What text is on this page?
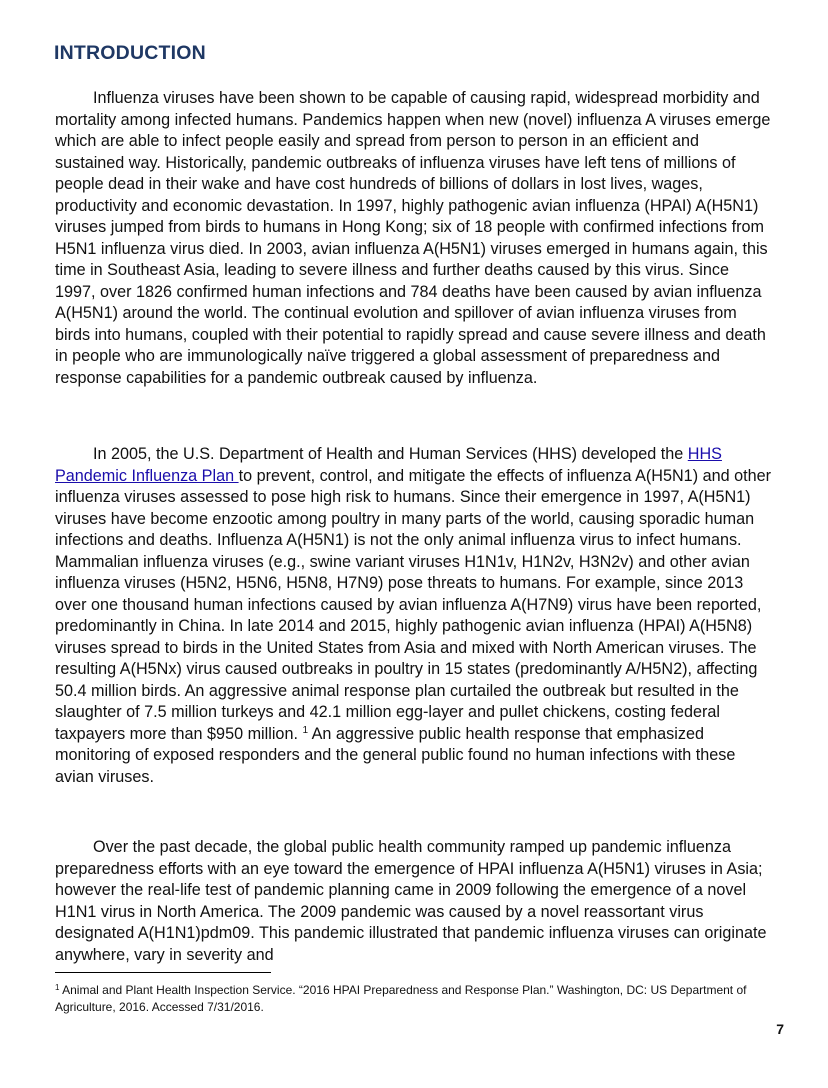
INTRODUCTION

Influenza viruses have been shown to be capable of causing rapid, widespread morbidity and mortality among infected humans. Pandemics happen when new (novel) influenza A viruses emerge which are able to infect people easily and spread from person to person in an efficient and sustained way. Historically, pandemic outbreaks of influenza viruses have left tens of millions of people dead in their wake and have cost hundreds of billions of dollars in lost lives, wages, productivity and economic devastation. In 1997, highly pathogenic avian influenza (HPAI) A(H5N1) viruses jumped from birds to humans in Hong Kong; six of 18 people with confirmed infections from H5N1 influenza virus died. In 2003, avian influenza A(H5N1) viruses emerged in humans again, this time in Southeast Asia, leading to severe illness and further deaths caused by this virus. Since 1997, over 1826 confirmed human infections and 784 deaths have been caused by avian influenza A(H5N1) around the world. The continual evolution and spillover of avian influenza viruses from birds into humans, coupled with their potential to rapidly spread and cause severe illness and death in people who are immunologically naïve triggered a global assessment of preparedness and response capabilities for a pandemic outbreak caused by influenza.

In 2005, the U.S. Department of Health and Human Services (HHS) developed the HHS Pandemic Influenza Plan to prevent, control, and mitigate the effects of influenza A(H5N1) and other influenza viruses assessed to pose high risk to humans. Since their emergence in 1997, A(H5N1) viruses have become enzootic among poultry in many parts of the world, causing sporadic human infections and deaths. Influenza A(H5N1) is not the only animal influenza virus to infect humans. Mammalian influenza viruses (e.g., swine variant viruses H1N1v, H1N2v, H3N2v) and other avian influenza viruses (H5N2, H5N6, H5N8, H7N9) pose threats to humans. For example, since 2013 over one thousand human infections caused by avian influenza A(H7N9) virus have been reported, predominantly in China. In late 2014 and 2015, highly pathogenic avian influenza (HPAI) A(H5N8) viruses spread to birds in the United States from Asia and mixed with North American viruses. The resulting A(H5Nx) virus caused outbreaks in poultry in 15 states (predominantly A/H5N2), affecting 50.4 million birds. An aggressive animal response plan curtailed the outbreak but resulted in the slaughter of 7.5 million turkeys and 42.1 million egg-layer and pullet chickens, costing federal taxpayers more than $950 million. $^1$ An aggressive public health response that emphasized monitoring of exposed responders and the general public found no human infections with these avian viruses.

Over the past decade, the global public health community ramped up pandemic influenza preparedness efforts with an eye toward the emergence of HPAI influenza A(H5N1) viruses in Asia; however the real-life test of pandemic planning came in 2009 following the emergence of a novel H1N1 virus in North America. The 2009 pandemic was caused by a novel reassortant virus designated A(H1N1)pdm09. This pandemic illustrated that pandemic influenza viruses can originate anywhere, vary in severity and

$^1$ Animal and Plant Health Inspection Service. “2016 HPAI Preparedness and Response Plan.” Washington, DC: US Department of Agriculture, 2016. Accessed 7/31/2016.

7
